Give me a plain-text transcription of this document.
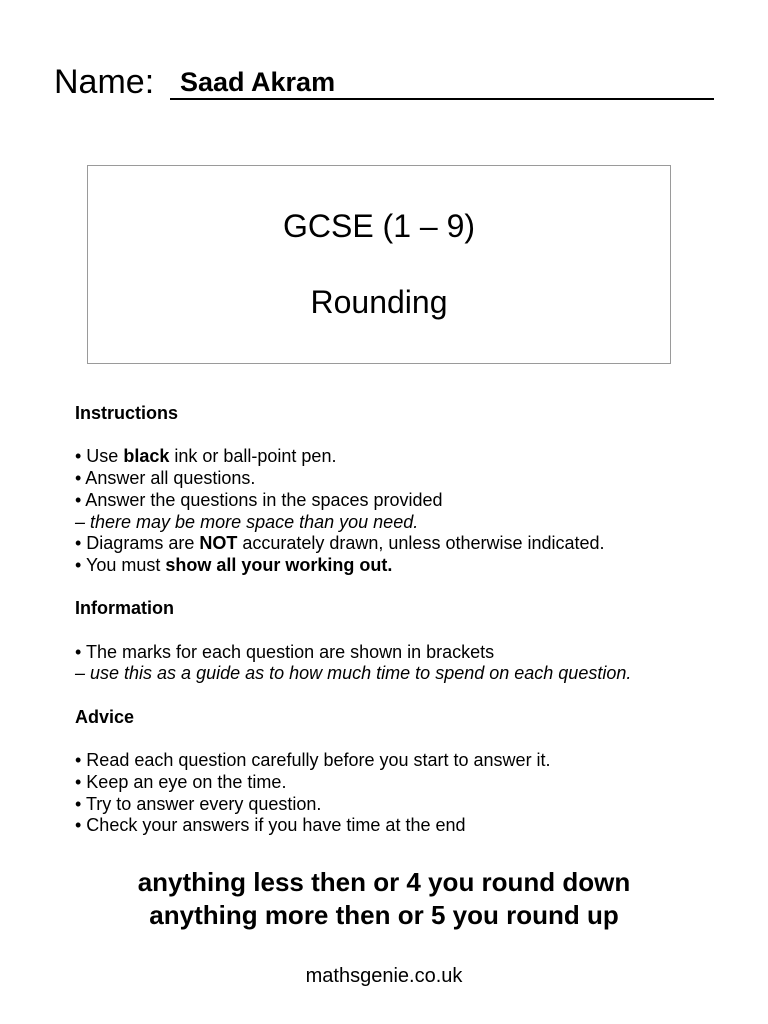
Name: Saad Akram
GCSE (1 – 9)
Rounding
Instructions
• Use black ink or ball-point pen.
• Answer all questions.
• Answer the questions in the spaces provided
– there may be more space than you need.
• Diagrams are NOT accurately drawn, unless otherwise indicated.
• You must show all your working out.
Information
• The marks for each question are shown in brackets
– use this as a guide as to how much time to spend on each question.
Advice
• Read each question carefully before you start to answer it.
• Keep an eye on the time.
• Try to answer every question.
• Check your answers if you have time at the end
anything less then or 4 you round down
anything more then or 5 you round up
mathsgenie.co.uk
